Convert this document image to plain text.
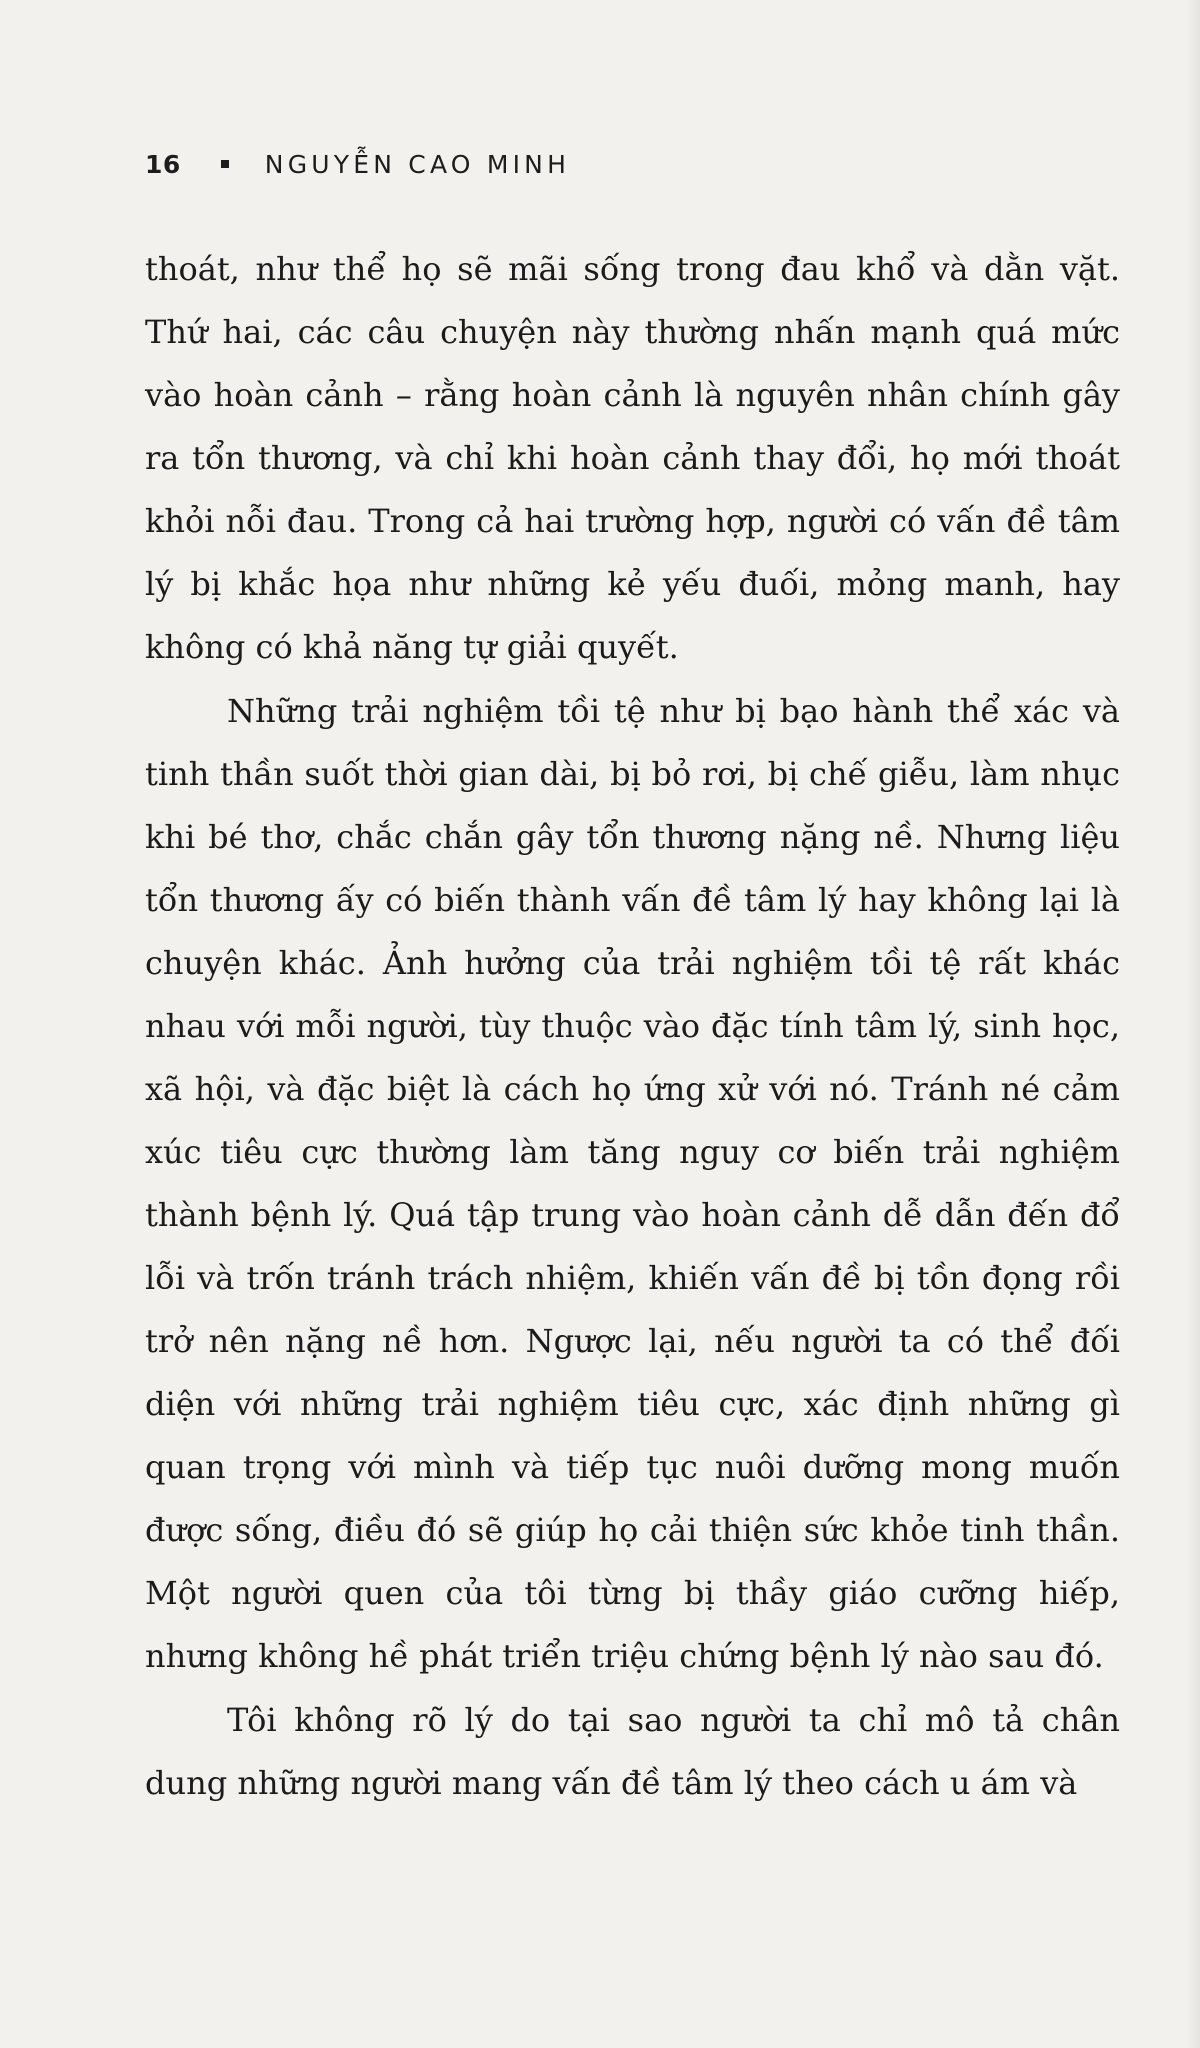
16	NGUYỄN CAO MINH

thoát, như thể họ sẽ mãi sống trong đau khổ và dằn vặt. Thứ hai, các câu chuyện này thường nhấn mạnh quá mức vào hoàn cảnh – rằng hoàn cảnh là nguyên nhân chính gây ra tổn thương, và chỉ khi hoàn cảnh thay đổi, họ mới thoát khỏi nỗi đau. Trong cả hai trường hợp, người có vấn đề tâm lý bị khắc họa như những kẻ yếu đuối, mỏng manh, hay không có khả năng tự giải quyết.

Những trải nghiệm tồi tệ như bị bạo hành thể xác và tinh thần suốt thời gian dài, bị bỏ rơi, bị chế giễu, làm nhục khi bé thơ, chắc chắn gây tổn thương nặng nề. Nhưng liệu tổn thương ấy có biến thành vấn đề tâm lý hay không lại là chuyện khác. Ảnh hưởng của trải nghiệm tồi tệ rất khác nhau với mỗi người, tùy thuộc vào đặc tính tâm lý, sinh học, xã hội, và đặc biệt là cách họ ứng xử với nó. Tránh né cảm xúc tiêu cực thường làm tăng nguy cơ biến trải nghiệm thành bệnh lý. Quá tập trung vào hoàn cảnh dễ dẫn đến đổ lỗi và trốn tránh trách nhiệm, khiến vấn đề bị tồn đọng rồi trở nên nặng nề hơn. Ngược lại, nếu người ta có thể đối diện với những trải nghiệm tiêu cực, xác định những gì quan trọng với mình và tiếp tục nuôi dưỡng mong muốn được sống, điều đó sẽ giúp họ cải thiện sức khỏe tinh thần. Một người quen của tôi từng bị thầy giáo cưỡng hiếp, nhưng không hề phát triển triệu chứng bệnh lý nào sau đó.

Tôi không rõ lý do tại sao người ta chỉ mô tả chân dung những người mang vấn đề tâm lý theo cách u ám và
